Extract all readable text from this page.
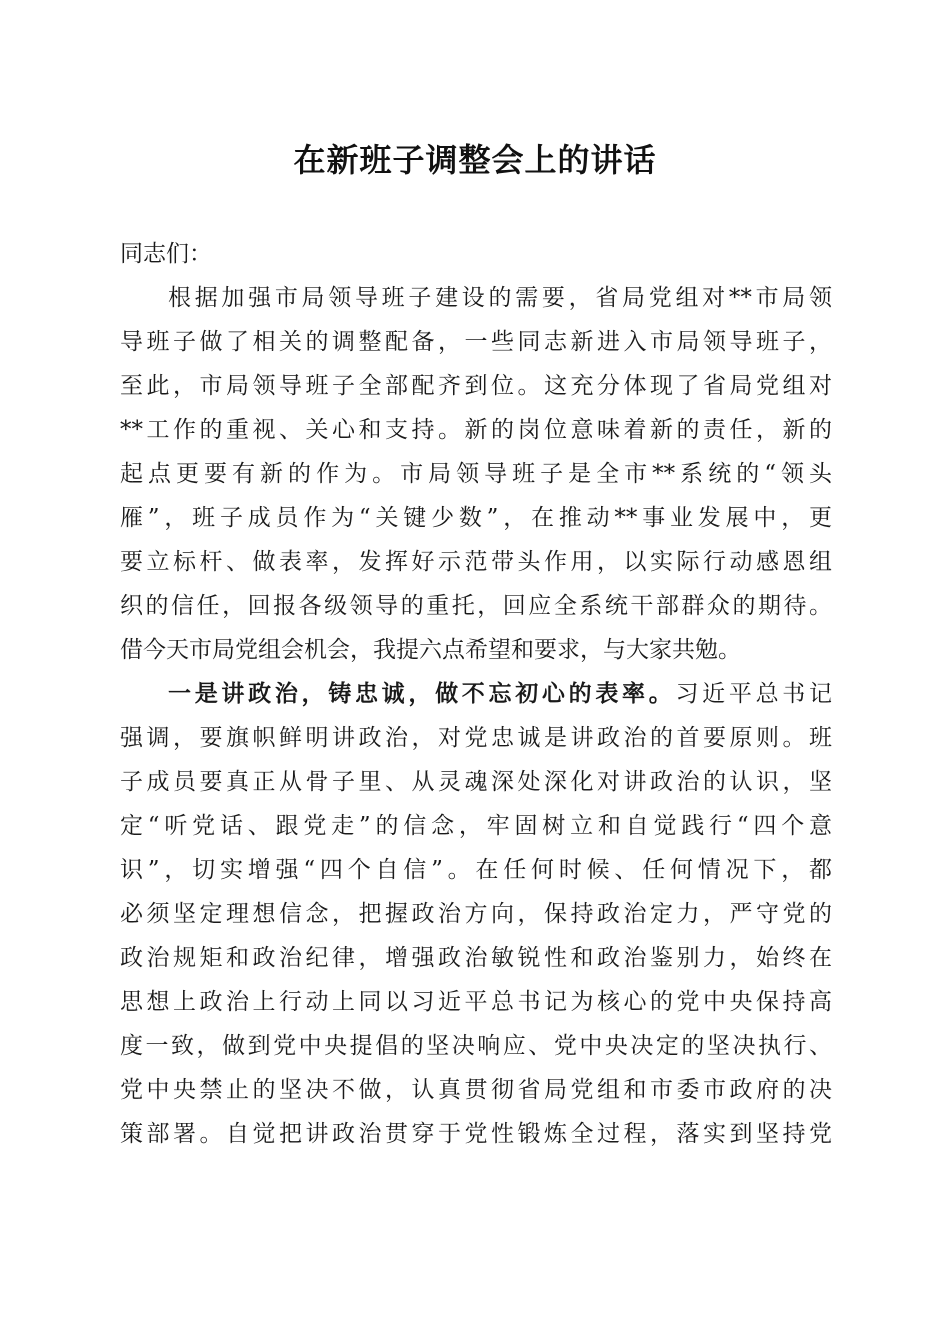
在新班子调整会上的讲话
同志们：
根据加强市局领导班子建设的需要，省局党组对**市局领
导班子做了相关的调整配备，一些同志新进入市局领导班子，
至此，市局领导班子全部配齐到位。这充分体现了省局党组对
**工作的重视、关心和支持。新的岗位意味着新的责任，新的
起点更要有新的作为。市局领导班子是全市**系统的“领头
雁”，班子成员作为“关键少数”，在推动**事业发展中，更
要立标杆、做表率，发挥好示范带头作用，以实际行动感恩组
织的信任，回报各级领导的重托，回应全系统干部群众的期待。
借今天市局党组会机会，我提六点希望和要求，与大家共勉。
一是讲政治，铸忠诚，做不忘初心的表率。习近平总书记
强调，要旗帜鲜明讲政治，对党忠诚是讲政治的首要原则。班
子成员要真正从骨子里、从灵魂深处深化对讲政治的认识，坚
定“听党话、跟党走”的信念，牢固树立和自觉践行“四个意
识”，切实增强“四个自信”。在任何时候、任何情况下，都
必须坚定理想信念，把握政治方向，保持政治定力，严守党的
政治规矩和政治纪律，增强政治敏锐性和政治鉴别力，始终在
思想上政治上行动上同以习近平总书记为核心的党中央保持高
度一致，做到党中央提倡的坚决响应、党中央决定的坚决执行、
党中央禁止的坚决不做，认真贯彻省局党组和市委市政府的决
策部署。自觉把讲政治贯穿于党性锻炼全过程，落实到坚持党
